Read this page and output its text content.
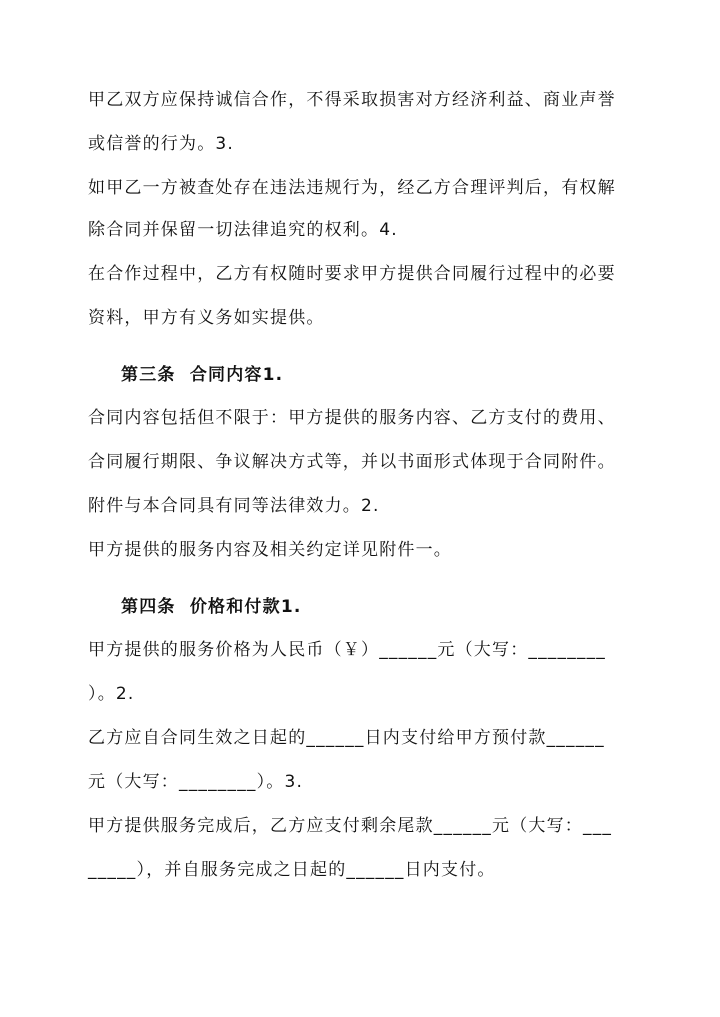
甲乙双方应保持诚信合作，不得采取损害对方经济利益、商业声誉
或信誉的行为。3.
如甲乙一方被查处存在违法违规行为，经乙方合理评判后，有权解
除合同并保留一切法律追究的权利。4.
在合作过程中，乙方有权随时要求甲方提供合同履行过程中的必要
资料，甲方有义务如实提供。
第三条  合同内容1.
合同内容包括但不限于：甲方提供的服务内容、乙方支付的费用、
合同履行期限、争议解决方式等，并以书面形式体现于合同附件。
附件与本合同具有同等法律效力。2.
甲方提供的服务内容及相关约定详见附件一。
第四条  价格和付款1.
甲方提供的服务价格为人民币（￥）______元（大写：________
）。2.
乙方应自合同生效之日起的______日内支付给甲方预付款______
元（大写：________）。3.
甲方提供服务完成后，乙方应支付剩余尾款______元（大写：___
_____），并自服务完成之日起的______日内支付。
